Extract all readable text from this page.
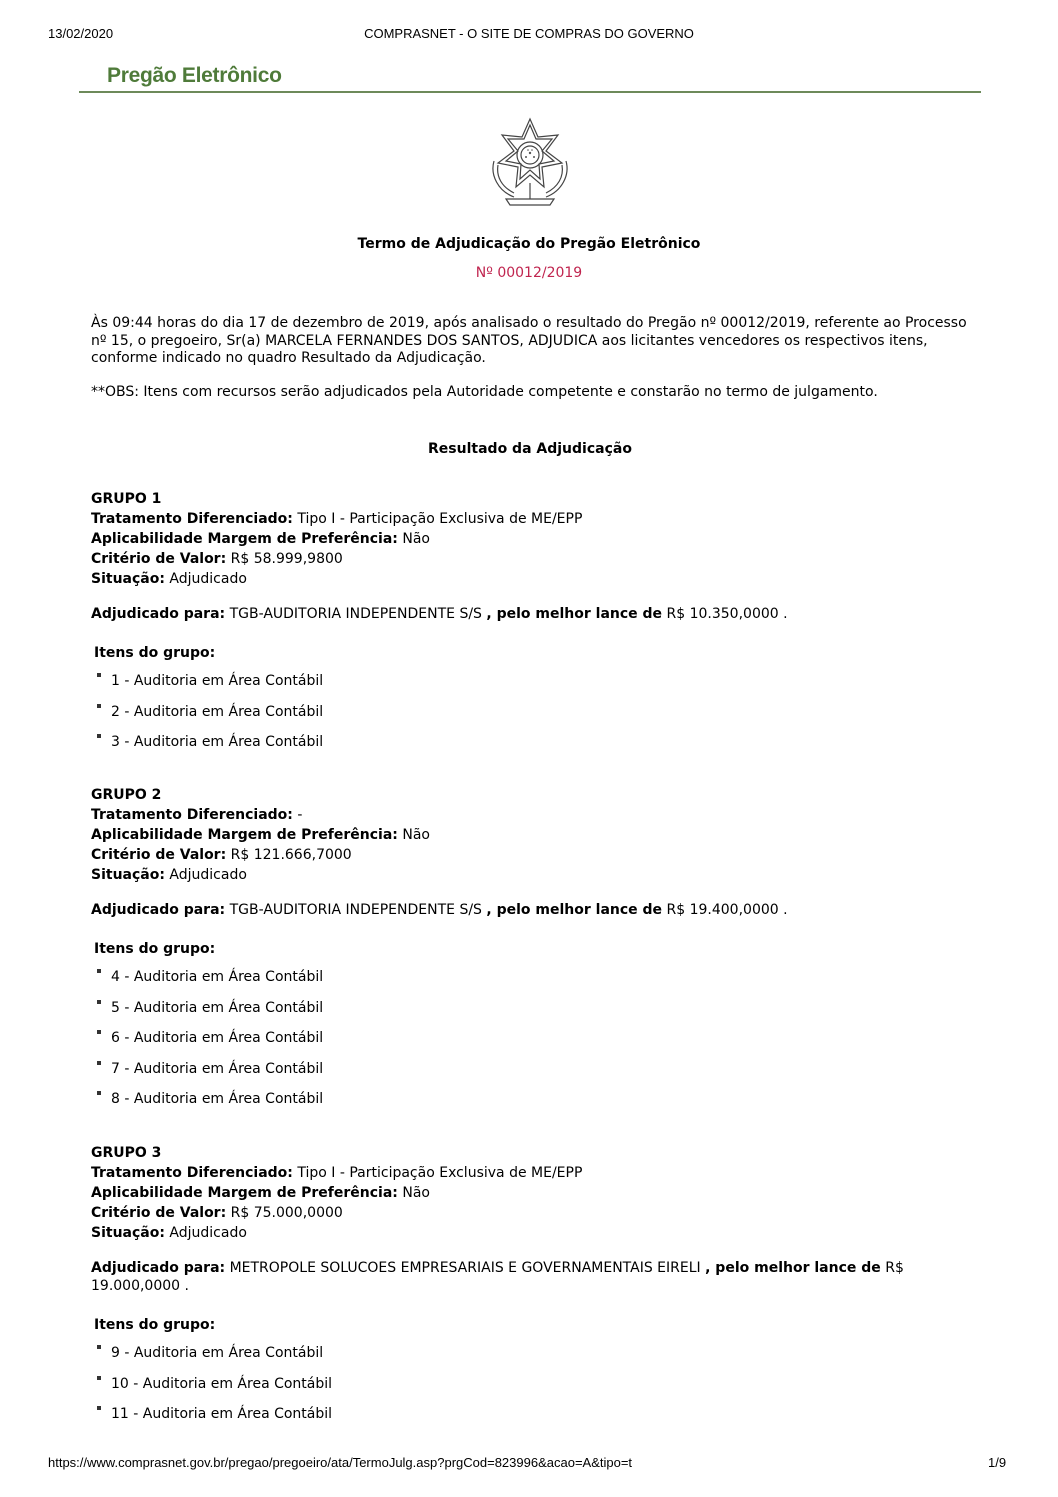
13/02/2020	COMPRASNET - O SITE DE COMPRAS DO GOVERNO
Pregão Eletrônico
Termo de Adjudicação do Pregão Eletrônico
Nº 00012/2019

Às 09:44 horas do dia 17 de dezembro de 2019, após analisado o resultado do Pregão nº 00012/2019, referente ao Processo nº 15, o pregoeiro, Sr(a) MARCELA FERNANDES DOS SANTOS, ADJUDICA aos licitantes vencedores os respectivos itens, conforme indicado no quadro Resultado da Adjudicação.

**OBS: Itens com recursos serão adjudicados pela Autoridade competente e constarão no termo de julgamento.

Resultado da Adjudicação
GRUPO 1
Tratamento Diferenciado: Tipo I - Participação Exclusiva de ME/EPP
Aplicabilidade Margem de Preferência: Não
Critério de Valor: R$ 58.999,9800
Situação: Adjudicado
Adjudicado para: TGB-AUDITORIA INDEPENDENTE S/S , pelo melhor lance de R$ 10.350,0000 .
Itens do grupo:
1 - Auditoria em Área Contábil
2 - Auditoria em Área Contábil
3 - Auditoria em Área Contábil
GRUPO 2
Tratamento Diferenciado: -
Aplicabilidade Margem de Preferência: Não
Critério de Valor: R$ 121.666,7000
Situação: Adjudicado
Adjudicado para: TGB-AUDITORIA INDEPENDENTE S/S , pelo melhor lance de R$ 19.400,0000 .
Itens do grupo:
4 - Auditoria em Área Contábil
5 - Auditoria em Área Contábil
6 - Auditoria em Área Contábil
7 - Auditoria em Área Contábil
8 - Auditoria em Área Contábil
GRUPO 3
Tratamento Diferenciado: Tipo I - Participação Exclusiva de ME/EPP
Aplicabilidade Margem de Preferência: Não
Critério de Valor: R$ 75.000,0000
Situação: Adjudicado
Adjudicado para: METROPOLE SOLUCOES EMPRESARIAIS E GOVERNAMENTAIS EIRELI , pelo melhor lance de R$ 19.000,0000 .
Itens do grupo:
9 - Auditoria em Área Contábil
10 - Auditoria em Área Contábil
11 - Auditoria em Área Contábil
https://www.comprasnet.gov.br/pregao/pregoeiro/ata/TermoJulg.asp?prgCod=823996&acao=A&tipo=t	1/9
